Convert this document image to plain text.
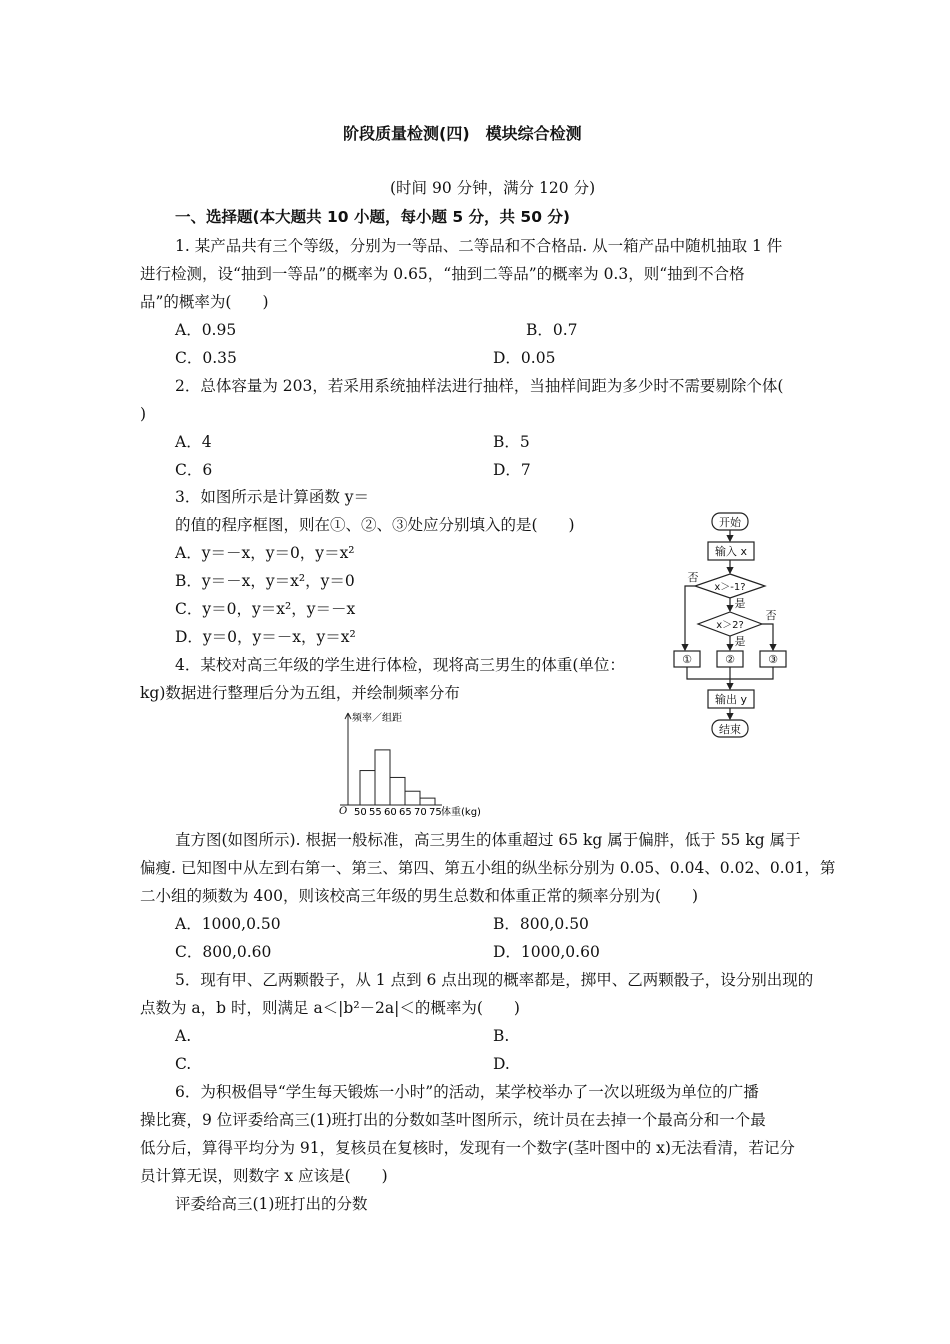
阶段质量检测(四)　模块综合检测
(时间 90 分钟，满分 120 分)
一、选择题(本大题共 10 小题，每小题 5 分，共 50 分)
1. 某产品共有三个等级，分别为一等品、二等品和不合格品. 从一箱产品中随机抽取 1 件
进行检测，设“抽到一等品”的概率为 0.65，“抽到二等品”的概率为 0.3，则“抽到不合格
品”的概率为(　　)
A．0.95	B．0.7
C．0.35	D．0.05
2．总体容量为 203，若采用系统抽样法进行抽样，当抽样间距为多少时不需要剔除个体(
)
A．4	B．5
C．6	D．7
3．如图所示是计算函数 y＝
的值的程序框图，则在①、②、③处应分别填入的是(　　)
A．y＝－x，y＝0，y＝x²
B．y＝－x，y＝x²，y＝0
C．y＝0，y＝x²，y＝－x
D．y＝0，y＝－x，y＝x²
开始
输入 x
x＞-1?
x＞2?
否
是
否
是
①	②	③
输出 y
结束
4．某校对高三年级的学生进行体检，现将高三男生的体重(单位：
kg)数据进行整理后分为五组，并绘制频率分布
频率／组距
O	体重(kg)
50 55 60 65 70 75
直方图(如图所示). 根据一般标准，高三男生的体重超过 65 kg 属于偏胖，低于 55 kg 属于
偏瘦. 已知图中从左到右第一、第三、第四、第五小组的纵坐标分别为 0.05、0.04、0.02、0.01，第
二小组的频数为 400，则该校高三年级的男生总数和体重正常的频率分别为(　　)
A．1000,0.50	B．800,0.50
C．800,0.60	D．1000,0.60
5．现有甲、乙两颗骰子，从 1 点到 6 点出现的概率都是，掷甲、乙两颗骰子，设分别出现的
点数为 a，b 时，则满足 a＜|b²－2a|＜的概率为(　　)
A.	B.
C.	D.
6．为积极倡导“学生每天锻炼一小时”的活动，某学校举办了一次以班级为单位的广播
操比赛，9 位评委给高三(1)班打出的分数如茎叶图所示，统计员在去掉一个最高分和一个最
低分后，算得平均分为 91，复核员在复核时，发现有一个数字(茎叶图中的 x)无法看清，若记分
员计算无误，则数字 x 应该是(　　)
评委给高三(1)班打出的分数
